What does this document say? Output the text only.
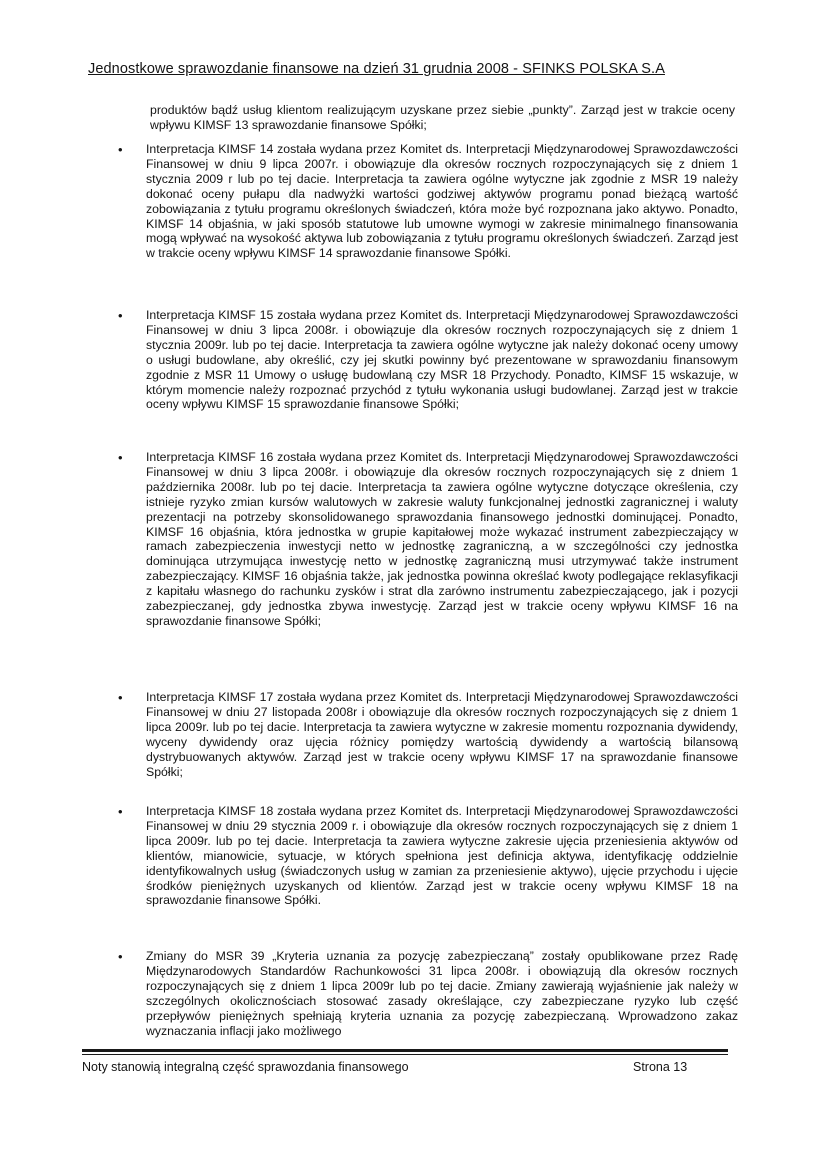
Jednostkowe sprawozdanie finansowe na dzień 31 grudnia 2008 - SFINKS POLSKA S.A
produktów bądź usług klientom realizującym uzyskane przez siebie „punkty”. Zarząd jest w trakcie oceny wpływu KIMSF 13 sprawozdanie finansowe Spółki;
•	Interpretacja KIMSF 14 została wydana przez Komitet ds. Interpretacji Międzynarodowej Sprawozdawczości Finansowej w dniu 9 lipca 2007r. i obowiązuje dla okresów rocznych rozpoczynających się z dniem 1 stycznia 2009 r lub po tej dacie. Interpretacja ta zawiera ogólne wytyczne jak zgodnie z MSR 19 należy dokonać oceny pułapu dla nadwyżki wartości godziwej aktywów programu ponad bieżącą wartość zobowiązania z tytułu programu określonych świadczeń, która może być rozpoznana jako aktywo. Ponadto, KIMSF 14 objaśnia, w jaki sposób statutowe lub umowne wymogi w zakresie minimalnego finansowania mogą wpływać na wysokość aktywa lub zobowiązania z tytułu programu określonych świadczeń. Zarząd jest w trakcie oceny wpływu KIMSF 14 sprawozdanie finansowe Spółki.
•	Interpretacja KIMSF 15 została wydana przez Komitet ds. Interpretacji Międzynarodowej Sprawozdawczości Finansowej w dniu 3 lipca 2008r. i obowiązuje dla okresów rocznych rozpoczynających się z dniem 1 stycznia 2009r. lub po tej dacie. Interpretacja ta zawiera ogólne wytyczne jak należy dokonać oceny umowy o usługi budowlane, aby określić, czy jej skutki powinny być prezentowane w sprawozdaniu finansowym zgodnie z MSR 11 Umowy o usługę budowlaną czy MSR 18 Przychody. Ponadto, KIMSF 15 wskazuje, w którym momencie należy rozpoznać przychód z tytułu wykonania usługi budowlanej. Zarząd jest w trakcie oceny wpływu KIMSF 15 sprawozdanie finansowe Spółki;
•	Interpretacja KIMSF 16 została wydana przez Komitet ds. Interpretacji Międzynarodowej Sprawozdawczości Finansowej w dniu 3 lipca 2008r. i obowiązuje dla okresów rocznych rozpoczynających się z dniem 1 października 2008r. lub po tej dacie. Interpretacja ta zawiera ogólne wytyczne dotyczące określenia, czy istnieje ryzyko zmian kursów walutowych w zakresie waluty funkcjonalnej jednostki zagranicznej i waluty prezentacji na potrzeby skonsolidowanego sprawozdania finansowego jednostki dominującej. Ponadto, KIMSF 16 objaśnia, która jednostka w grupie kapitałowej może wykazać instrument zabezpieczający w ramach zabezpieczenia inwestycji netto w jednostkę zagraniczną, a w szczególności czy jednostka dominująca utrzymująca inwestycję netto w jednostkę zagraniczną musi utrzymywać także instrument zabezpieczający. KIMSF 16 objaśnia także, jak jednostka powinna określać kwoty podlegające reklasyfikacji z kapitału własnego do rachunku zysków i strat dla zarówno instrumentu zabezpieczającego, jak i pozycji zabezpieczanej, gdy jednostka zbywa inwestycję. Zarząd jest w trakcie oceny wpływu KIMSF 16 na sprawozdanie finansowe Spółki;
•	Interpretacja KIMSF 17 została wydana przez Komitet ds. Interpretacji Międzynarodowej Sprawozdawczości Finansowej w dniu 27 listopada 2008r i obowiązuje dla okresów rocznych rozpoczynających się z dniem 1 lipca 2009r. lub po tej dacie. Interpretacja ta zawiera wytyczne w zakresie momentu rozpoznania dywidendy, wyceny dywidendy oraz ujęcia różnicy pomiędzy wartością dywidendy a wartością bilansową dystrybuowanych aktywów. Zarząd jest w trakcie oceny wpływu KIMSF 17 na sprawozdanie finansowe Spółki;
•	Interpretacja KIMSF 18 została wydana przez Komitet ds. Interpretacji Międzynarodowej Sprawozdawczości Finansowej w dniu 29 stycznia 2009 r. i obowiązuje dla okresów rocznych rozpoczynających się z dniem 1 lipca 2009r. lub po tej dacie. Interpretacja ta zawiera wytyczne zakresie ujęcia przeniesienia aktywów od klientów, mianowicie, sytuacje, w których spełniona jest definicja aktywa, identyfikację oddzielnie identyfikowalnych usług (świadczonych usług w zamian za przeniesienie aktywo), ujęcie przychodu i ujęcie środków pieniężnych uzyskanych od klientów. Zarząd jest w trakcie oceny wpływu KIMSF 18 na sprawozdanie finansowe Spółki.
•	Zmiany do MSR 39 „Kryteria uznania za pozycję zabezpieczaną” zostały opublikowane przez Radę Międzynarodowych Standardów Rachunkowości 31 lipca 2008r. i obowiązują dla okresów rocznych rozpoczynających się z dniem 1 lipca 2009r lub po tej dacie. Zmiany zawierają wyjaśnienie jak należy w szczególnych okolicznościach stosować zasady określające, czy zabezpieczane ryzyko lub część przepływów pieniężnych spełniają kryteria uznania za pozycję zabezpieczaną. Wprowadzono zakaz wyznaczania inflacji jako możliwego
Noty stanowią integralną część sprawozdania finansowego	Strona 13
